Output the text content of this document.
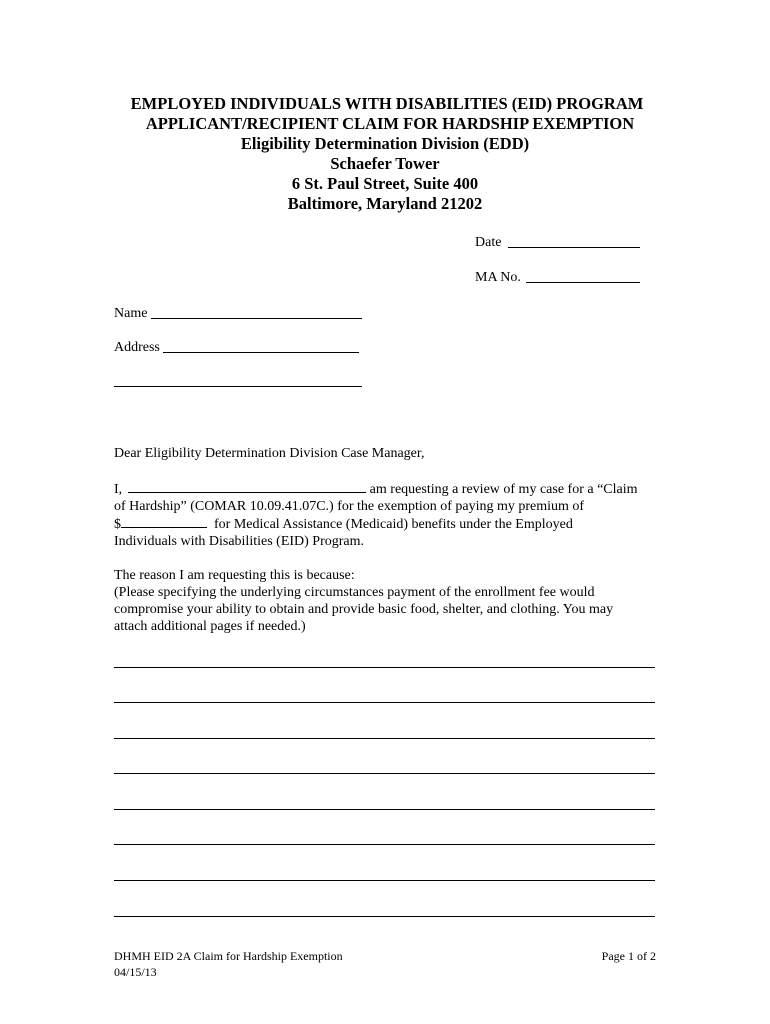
EMPLOYED INDIVIDUALS WITH DISABILITIES (EID) PROGRAM
APPLICANT/RECIPIENT CLAIM FOR HARDSHIP EXEMPTION
Eligibility Determination Division (EDD)
Schaefer Tower
6 St. Paul Street, Suite 400
Baltimore, Maryland 21202
Date
MA No.
Name
Address
Dear Eligibility Determination Division Case Manager,
I,	am requesting a review of my case for a “Claim
of Hardship” (COMAR 10.09.41.07C.) for the exemption of paying my premium of
$	for Medical Assistance (Medicaid) benefits under the Employed
Individuals with Disabilities (EID) Program.
The reason I am requesting this is because:
(Please specifying the underlying circumstances payment of the enrollment fee would
compromise your ability to obtain and provide basic food, shelter, and clothing. You may
attach additional pages if needed.)
DHMH EID 2A Claim for Hardship Exemption
04/15/13
Page 1 of 2
